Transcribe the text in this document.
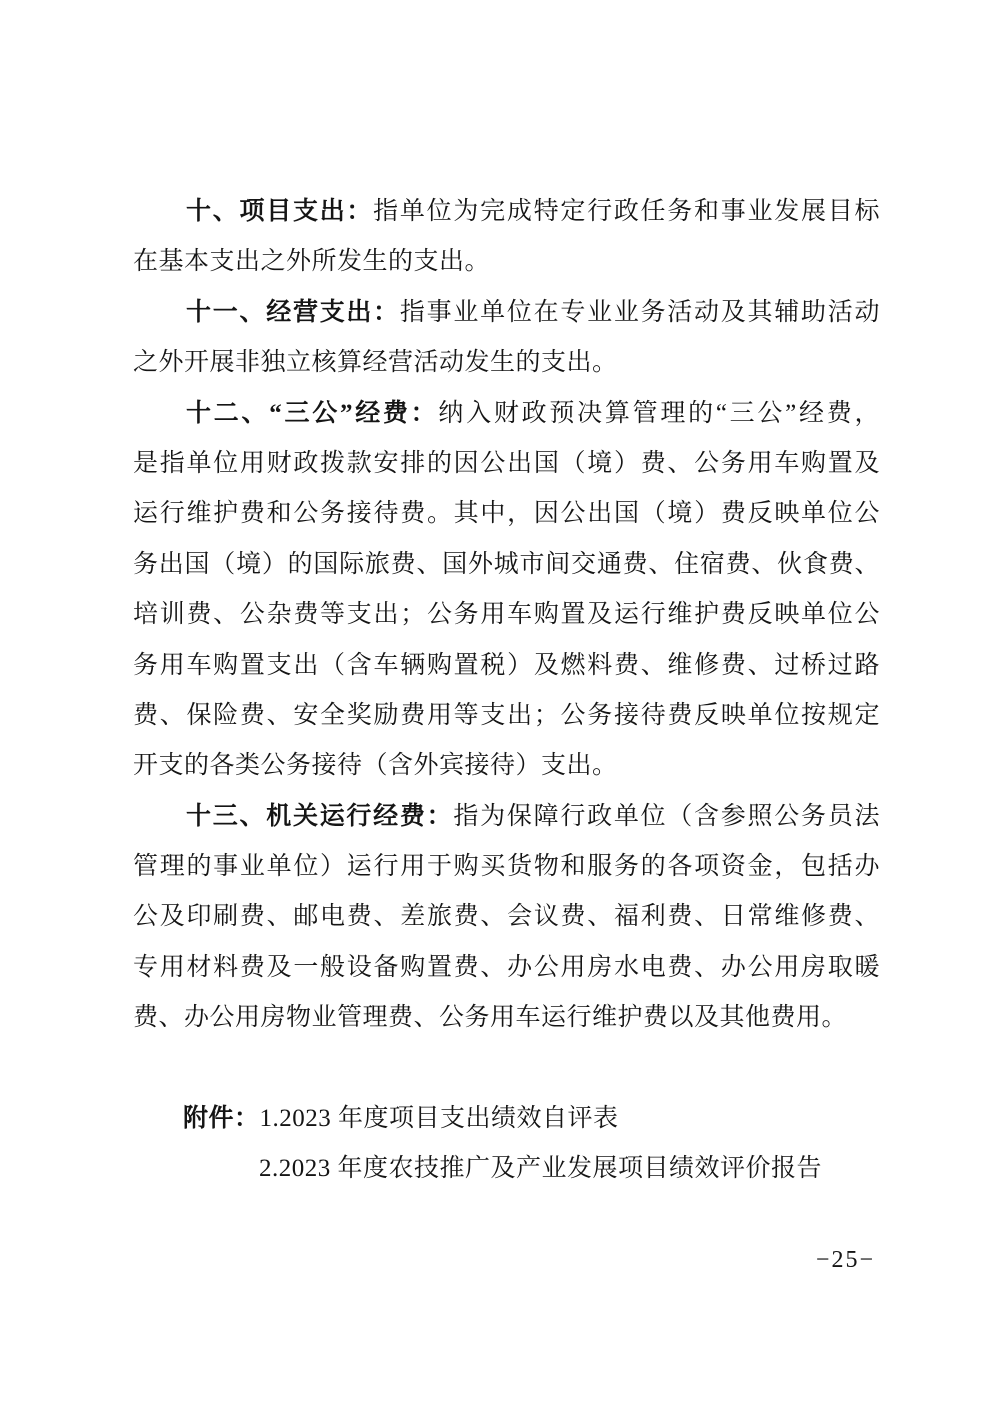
十、项目支出：指单位为完成特定行政任务和事业发展目标
在基本支出之外所发生的支出。
十一、经营支出：指事业单位在专业业务活动及其辅助活动
之外开展非独立核算经营活动发生的支出。
十二、“三公”经费：纳入财政预决算管理的“三公”经费，
是指单位用财政拨款安排的因公出国（境）费、公务用车购置及
运行维护费和公务接待费。其中，因公出国（境）费反映单位公
务出国（境）的国际旅费、国外城市间交通费、住宿费、伙食费、
培训费、公杂费等支出；公务用车购置及运行维护费反映单位公
务用车购置支出（含车辆购置税）及燃料费、维修费、过桥过路
费、保险费、安全奖励费用等支出；公务接待费反映单位按规定
开支的各类公务接待（含外宾接待）支出。
十三、机关运行经费：指为保障行政单位（含参照公务员法
管理的事业单位）运行用于购买货物和服务的各项资金，包括办
公及印刷费、邮电费、差旅费、会议费、福利费、日常维修费、
专用材料费及一般设备购置费、办公用房水电费、办公用房取暖
费、办公用房物业管理费、公务用车运行维护费以及其他费用。

附件：1.2023 年度项目支出绩效自评表
2.2023 年度农技推广及产业发展项目绩效评价报告
−25−
